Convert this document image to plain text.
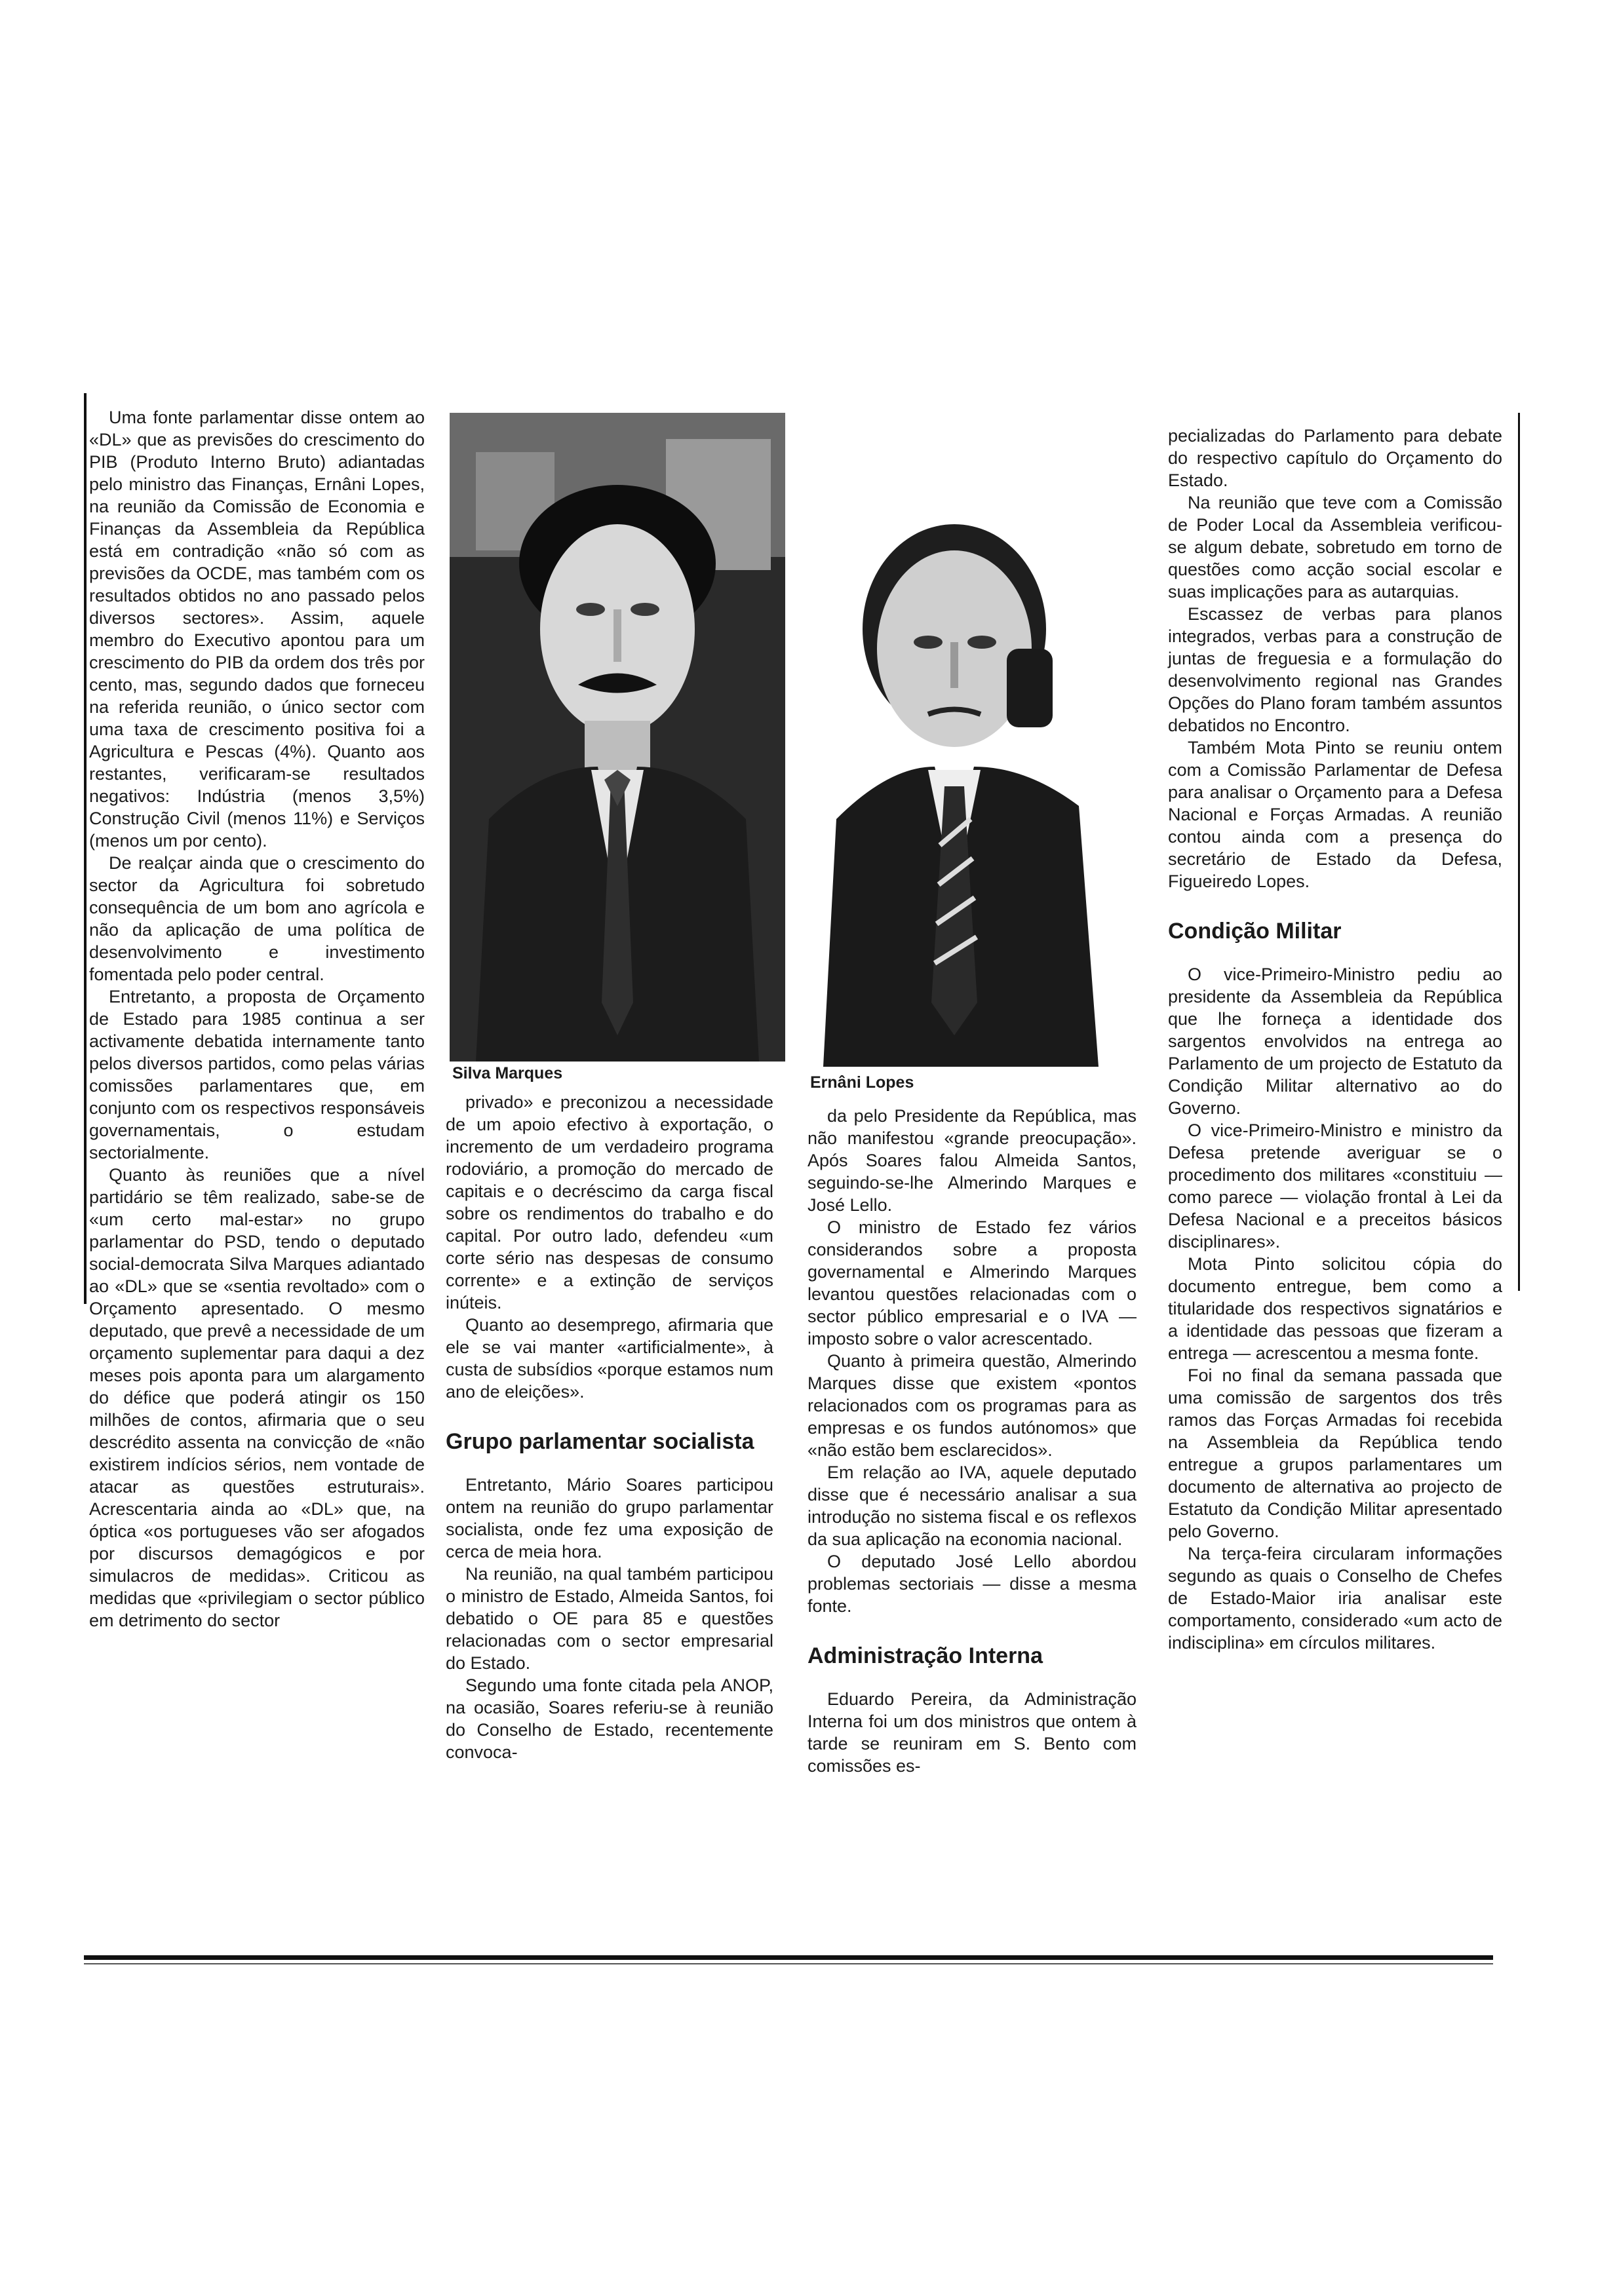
Uma fonte parlamentar disse ontem ao «DL» que as previsões do crescimento do PIB (Produto Interno Bruto) adiantadas pelo ministro das Finanças, Ernâni Lopes, na reunião da Comissão de Economia e Finanças da Assembleia da República está em contradição «não só com as previsões da OCDE, mas também com os resultados obtidos no ano passado pelos diversos sectores». Assim, aquele membro do Executivo apontou para um crescimento do PIB da ordem dos três por cento, mas, segundo dados que forneceu na referida reunião, o único sector com uma taxa de crescimento positiva foi a Agricultura e Pescas (4%). Quanto aos restantes, verificaram-se resultados negativos: Indústria (menos 3,5%) Construção Civil (menos 11%) e Serviços (menos um por cento).

De realçar ainda que o crescimento do sector da Agricultura foi sobretudo consequência de um bom ano agrícola e não da aplicação de uma política de desenvolvimento e investimento fomentada pelo poder central.

Entretanto, a proposta de Orçamento de Estado para 1985 continua a ser activamente debatida internamente tanto pelos diversos partidos, como pelas várias comissões parlamentares que, em conjunto com os respectivos responsáveis governamentais, o estudam sectorialmente.

Quanto às reuniões que a nível partidário se têm realizado, sabe-se de «um certo mal-estar» no grupo parlamentar do PSD, tendo o deputado social-democrata Silva Marques adiantado ao «DL» que se «sentia revoltado» com o Orçamento apresentado. O mesmo deputado, que prevê a necessidade de um orçamento suplementar para daqui a dez meses pois aponta para um alargamento do défice que poderá atingir os 150 milhões de contos, afirmaria que o seu descrédito assenta na convicção de «não existirem indícios sérios, nem vontade de atacar as questões estruturais». Acrescentaria ainda ao «DL» que, na óptica «os portugueses vão ser afogados por discursos demagógicos e por simulacros de medidas». Criticou as medidas que «privilegiam o sector público em detrimento do sector

Silva Marques	Ernâni Lopes

privado» e preconizou a necessidade de um apoio efectivo à exportação, o incremento de um verdadeiro programa rodoviário, a promoção do mercado de capitais e o decréscimo da carga fiscal sobre os rendimentos do trabalho e do capital. Por outro lado, defendeu «um corte sério nas despesas de consumo corrente» e a extinção de serviços inúteis.

Quanto ao desemprego, afirmaria que ele se vai manter «artificialmente», à custa de subsídios «porque estamos num ano de eleições».

Grupo parlamentar socialista

Entretanto, Mário Soares participou ontem na reunião do grupo parlamentar socialista, onde fez uma exposição de cerca de meia hora.

Na reunião, na qual também participou o ministro de Estado, Almeida Santos, foi debatido o OE para 85 e questões relacionadas com o sector empresarial do Estado.

Segundo uma fonte citada pela ANOP, na ocasião, Soares referiu-se à reunião do Conselho de Estado, recentemente convoca-

da pelo Presidente da República, mas não manifestou «grande preocupação». Após Soares falou Almeida Santos, seguindo-se-lhe Almerindo Marques e José Lello.

O ministro de Estado fez vários considerandos sobre a proposta governamental e Almerindo Marques levantou questões relacionadas com o sector público empresarial e o IVA — imposto sobre o valor acrescentado.

Quanto à primeira questão, Almerindo Marques disse que existem «pontos relacionados com os programas para as empresas e os fundos autónomos» que «não estão bem esclarecidos».

Em relação ao IVA, aquele deputado disse que é necessário analisar a sua introdução no sistema fiscal e os reflexos da sua aplicação na economia nacional.

O deputado José Lello abordou problemas sectoriais — disse a mesma fonte.

Administração Interna

Eduardo Pereira, da Administração Interna foi um dos ministros que ontem à tarde se reuniram em S. Bento com comissões es-

pecializadas do Parlamento para debate do respectivo capítulo do Orçamento do Estado.

Na reunião que teve com a Comissão de Poder Local da Assembleia verificou-se algum debate, sobretudo em torno de questões como acção social escolar e suas implicações para as autarquias.

Escassez de verbas para planos integrados, verbas para a construção de juntas de freguesia e a formulação do desenvolvimento regional nas Grandes Opções do Plano foram também assuntos debatidos no Encontro.

Também Mota Pinto se reuniu ontem com a Comissão Parlamentar de Defesa para analisar o Orçamento para a Defesa Nacional e Forças Armadas. A reunião contou ainda com a presença do secretário de Estado da Defesa, Figueiredo Lopes.

Condição Militar

O vice-Primeiro-Ministro pediu ao presidente da Assembleia da República que lhe forneça a identidade dos sargentos envolvidos na entrega ao Parlamento de um projecto de Estatuto da Condição Militar alternativo ao do Governo.

O vice-Primeiro-Ministro e ministro da Defesa pretende averiguar se o procedimento dos militares «constituiu — como parece — violação frontal à Lei da Defesa Nacional e a preceitos básicos disciplinares».

Mota Pinto solicitou cópia do documento entregue, bem como a titularidade dos respectivos signatários e a identidade das pessoas que fizeram a entrega — acrescentou a mesma fonte.

Foi no final da semana passada que uma comissão de sargentos dos três ramos das Forças Armadas foi recebida na Assembleia da República tendo entregue a grupos parlamentares um documento de alternativa ao projecto de Estatuto da Condição Militar apresentado pelo Governo.

Na terça-feira circularam informações segundo as quais o Conselho de Chefes de Estado-Maior iria analisar este comportamento, considerado «um acto de indisciplina» em círculos militares.
